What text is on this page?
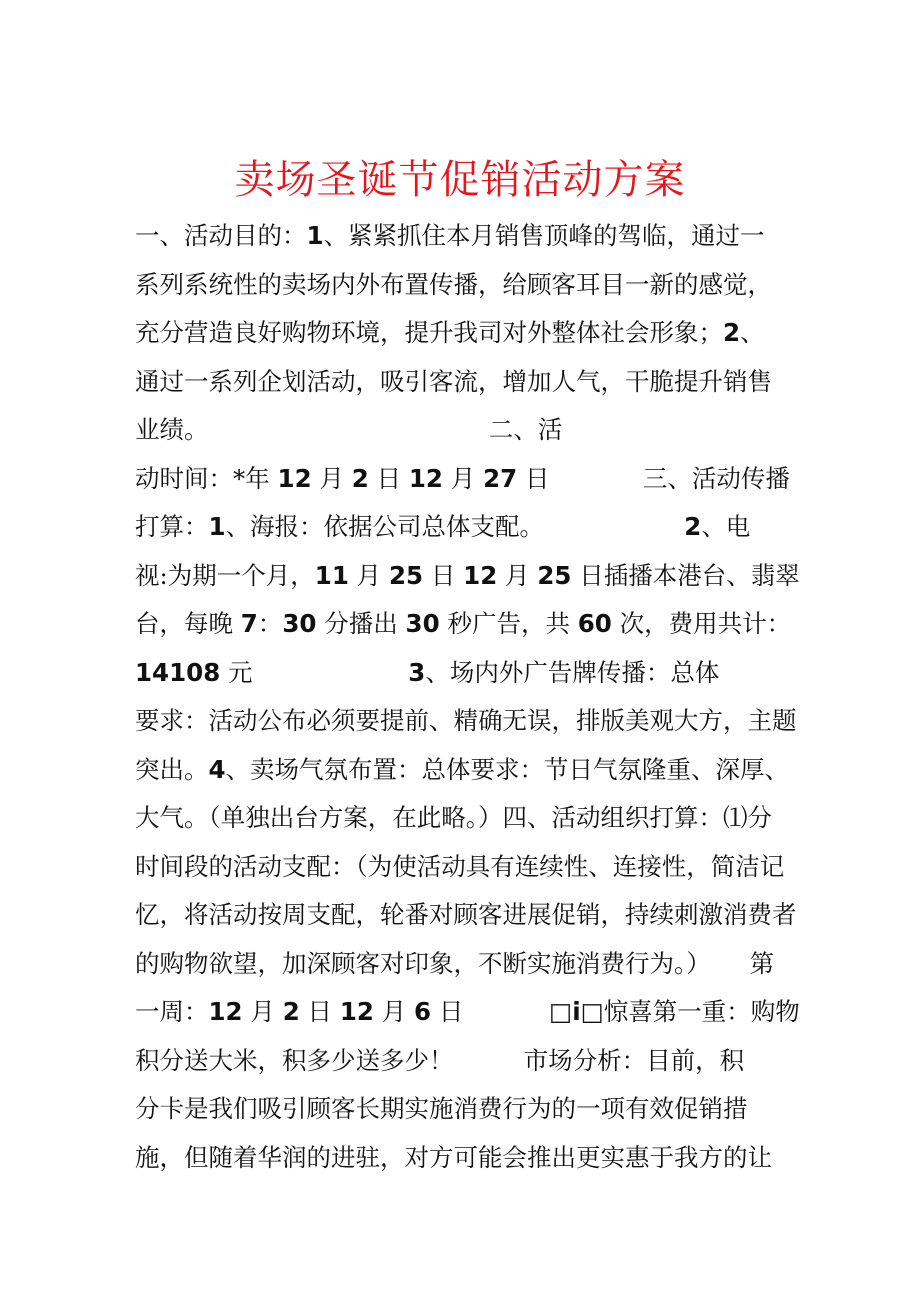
卖场圣诞节促销活动方案
一、活动目的：1、紧紧抓住本月销售顶峰的驾临，通过一
系列系统性的卖场内外布置传播，给顾客耳目一新的感觉，
充分营造良好购物环境，提升我司对外整体社会形象；2、
通过一系列企划活动，吸引客流，增加人气，干脆提升销售
业绩。                                    二、活
动时间：*年 12 月 2 日 12 月 27 日            三、活动传播
打算：1、海报：依据公司总体支配。                  2、电
视:为期一个月，11 月 25 日 12 月 25 日插播本港台、翡翠
台，每晚 7：30 分播出 30 秒广告，共 60 次，费用共计：
14108 元                    3、场内外广告牌传播：总体
要求：活动公布必须要提前、精确无误，排版美观大方，主题
突出。4、卖场气氛布置：总体要求：节日气氛隆重、深厚、
大气。（单独出台方案，在此略。）四、活动组织打算：⑴分
时间段的活动支配：（为使活动具有连续性、连接性，简洁记
忆，将活动按周支配，轮番对顾客进展促销，持续刺激消费者
的购物欲望，加深顾客对印象，不断实施消费行为。）     第
一周：12 月 2 日 12 月 6 日           □i□惊喜第一重：购物
积分送大米，积多少送多少！         市场分析：目前，积
分卡是我们吸引顾客长期实施消费行为的一项有效促销措
施，但随着华润的进驻，对方可能会推出更实惠于我方的让
